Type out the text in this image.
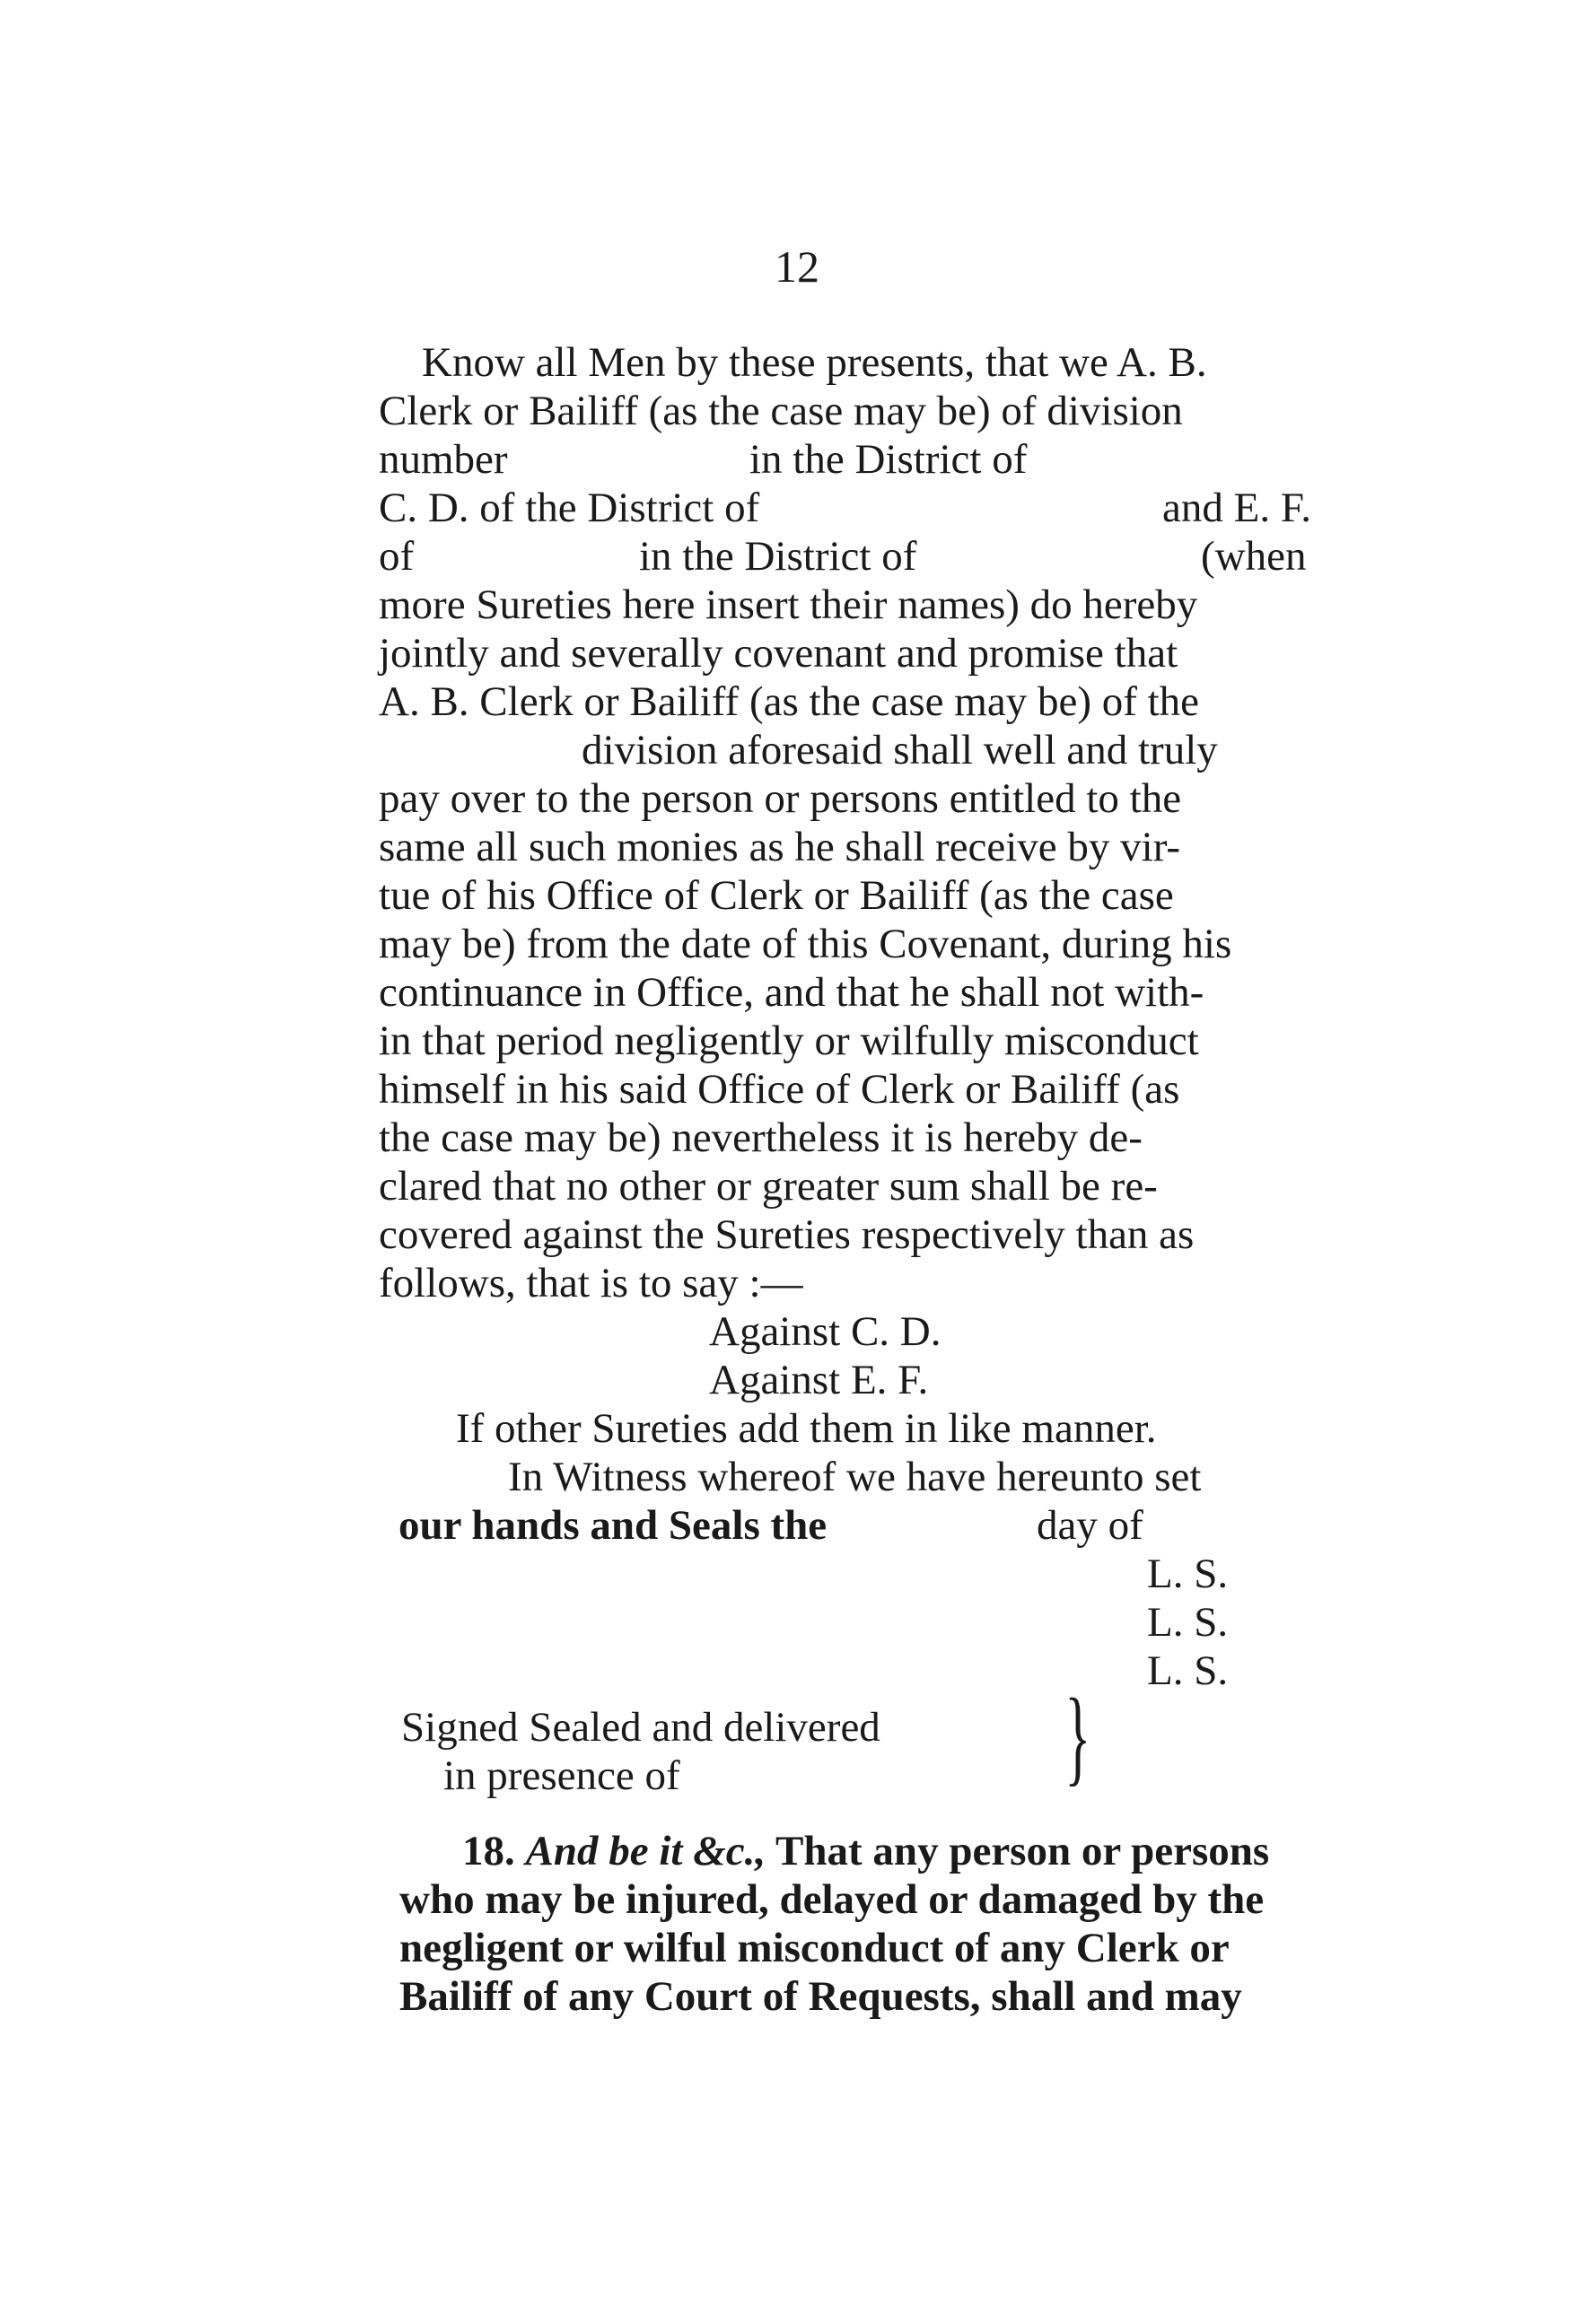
12
Know all Men by these presents, that we A. B.
Clerk or Bailiff (as the case may be) of division
number	in the District of
C. D. of the District of	and E. F.
of	in the District of	(when
more Sureties here insert their names) do hereby
jointly and severally covenant and promise that
A. B. Clerk or Bailiff (as the case may be) of the
division aforesaid shall well and truly
pay over to the person or persons entitled to the
same all such monies as he shall receive by vir-
tue of his Office of Clerk or Bailiff (as the case
may be) from the date of this Covenant, during his
continuance in Office, and that he shall not with-
in that period negligently or wilfully misconduct
himself in his said Office of Clerk or Bailiff (as
the case may be) nevertheless it is hereby de-
clared that no other or greater sum shall be re-
covered against the Sureties respectively than as
follows, that is to say :—
Against C. D.
Against E. F.
If other Sureties add them in like manner.
In Witness whereof we have hereunto set
our hands and Seals the	day of
L. S.
L. S.
L. S.
Signed Sealed and delivered
in presence of	}
18. And be it &c., That any person or persons
who may be injured, delayed or damaged by the
negligent or wilful misconduct of any Clerk or
Bailiff of any Court of Requests, shall and may
